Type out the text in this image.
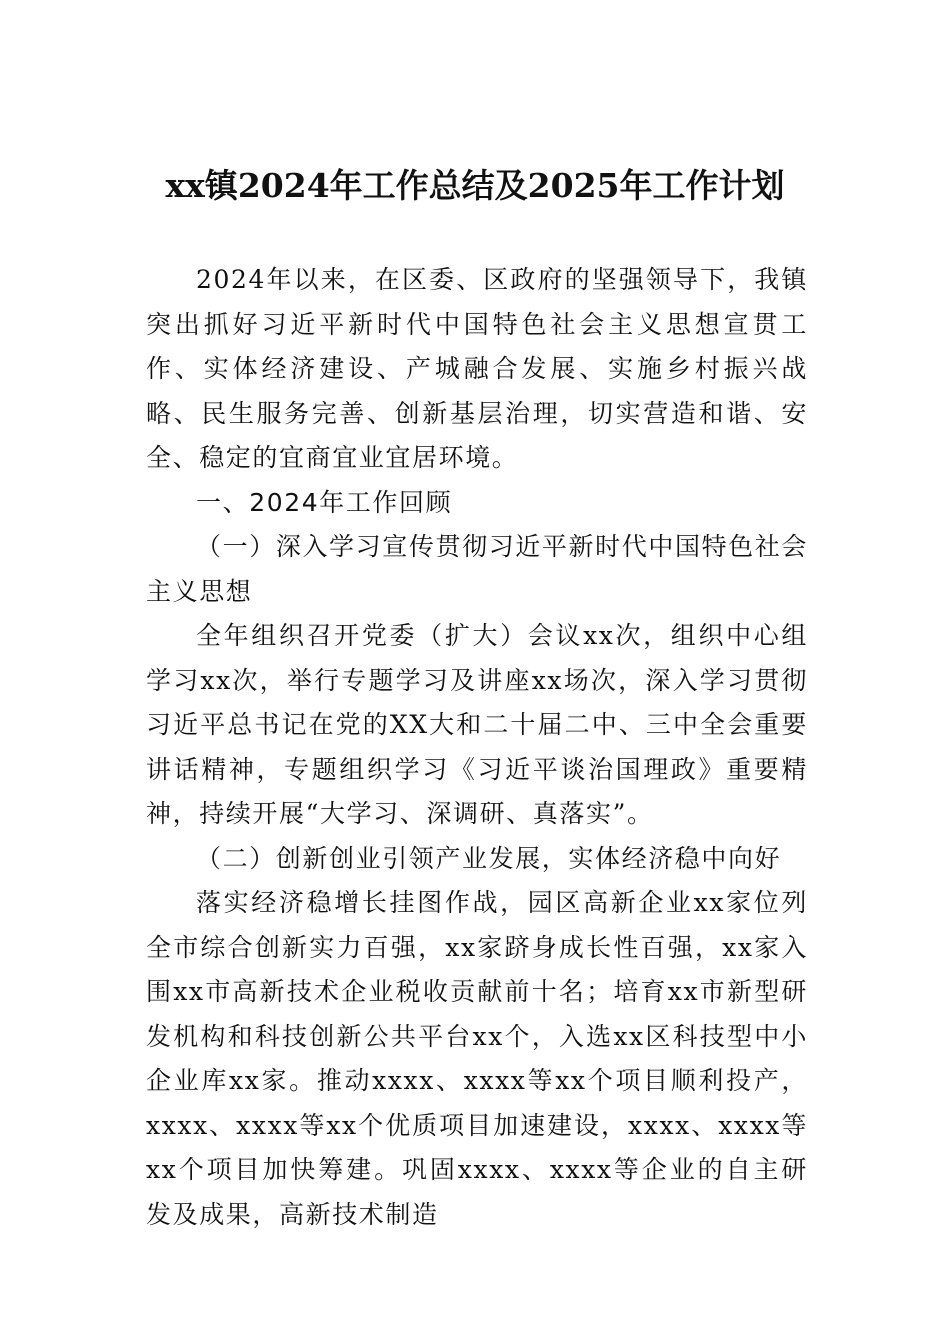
xx镇2024年工作总结及2025年工作计划

2024年以来，在区委、区政府的坚强领导下，我镇突出抓好习近平新时代中国特色社会主义思想宣贯工作、实体经济建设、产城融合发展、实施乡村振兴战略、民生服务完善、创新基层治理，切实营造和谐、安全、稳定的宜商宜业宜居环境。

一、2024年工作回顾

（一）深入学习宣传贯彻习近平新时代中国特色社会主义思想

全年组织召开党委（扩大）会议xx次，组织中心组学习xx次，举行专题学习及讲座xx场次，深入学习贯彻习近平总书记在党的XX大和二十届二中、三中全会重要讲话精神，专题组织学习《习近平谈治国理政》重要精神，持续开展“大学习、深调研、真落实”。

（二）创新创业引领产业发展，实体经济稳中向好

落实经济稳增长挂图作战，园区高新企业xx家位列全市综合创新实力百强，xx家跻身成长性百强，xx家入围xx市高新技术企业税收贡献前十名；培育xx市新型研发机构和科技创新公共平台xx个，入选xx区科技型中小企业库xx家。推动xxxx、xxxx等xx个项目顺利投产，xxxx、xxxx等xx个优质项目加速建设，xxxx、xxxx等xx个项目加快筹建。巩固xxxx、xxxx等企业的自主研发及成果，高新技术制造
